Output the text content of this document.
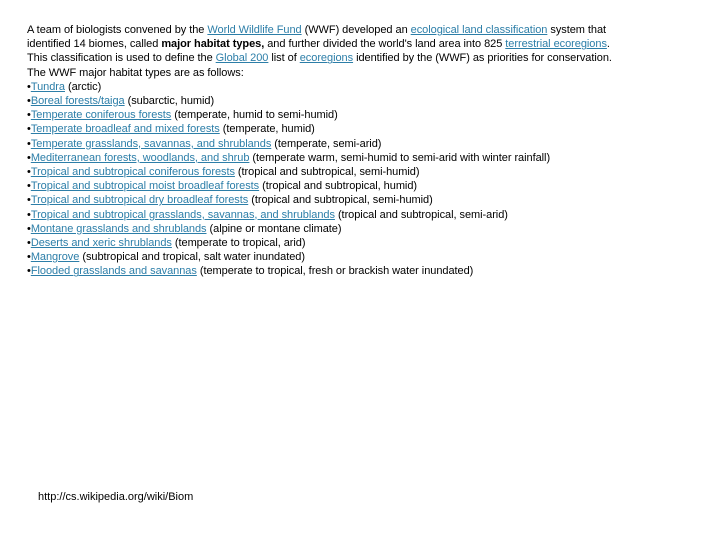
A team of biologists convened by the World Wildlife Fund (WWF) developed an ecological land classification system that
identified 14 biomes, called major habitat types, and further divided the world's land area into 825 terrestrial ecoregions.
This classification is used to define the Global 200 list of ecoregions identified by the (WWF) as priorities for conservation.
The WWF major habitat types are as follows:
•Tundra (arctic)
•Boreal forests/taiga (subarctic, humid)
•Temperate coniferous forests (temperate, humid to semi-humid)
•Temperate broadleaf and mixed forests (temperate, humid)
•Temperate grasslands, savannas, and shrublands (temperate, semi-arid)
•Mediterranean forests, woodlands, and shrub (temperate warm, semi-humid to semi-arid with winter rainfall)
•Tropical and subtropical coniferous forests (tropical and subtropical, semi-humid)
•Tropical and subtropical moist broadleaf forests (tropical and subtropical, humid)
•Tropical and subtropical dry broadleaf forests (tropical and subtropical, semi-humid)
•Tropical and subtropical grasslands, savannas, and shrublands (tropical and subtropical, semi-arid)
•Montane grasslands and shrublands (alpine or montane climate)
•Deserts and xeric shrublands (temperate to tropical, arid)
•Mangrove (subtropical and tropical, salt water inundated)
•Flooded grasslands and savannas (temperate to tropical, fresh or brackish water inundated)
http://cs.wikipedia.org/wiki/Biom
